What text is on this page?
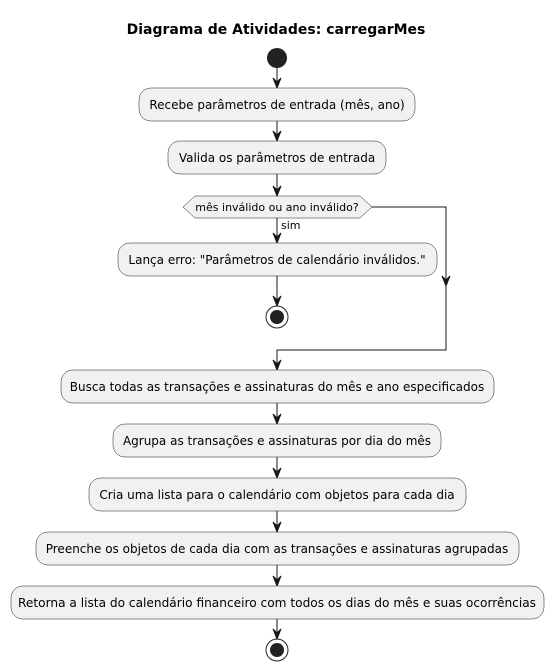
Diagrama de Atividades: carregarMes
Recebe parâmetros de entrada (mês, ano)
Valida os parâmetros de entrada
mês inválido ou ano inválido?
sim
Lança erro: "Parâmetros de calendário inválidos."
Busca todas as transações e assinaturas do mês e ano especificados
Agrupa as transações e assinaturas por dia do mês
Cria uma lista para o calendário com objetos para cada dia
Preenche os objetos de cada dia com as transações e assinaturas agrupadas
Retorna a lista do calendário financeiro com todos os dias do mês e suas ocorrências
